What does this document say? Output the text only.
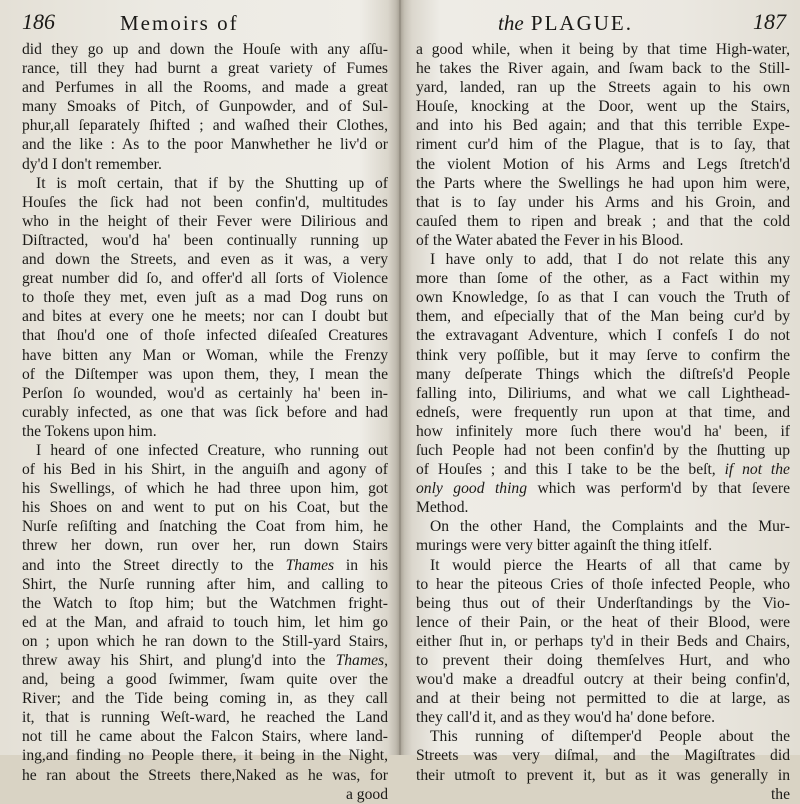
186	Memoirs of
did they go up and down the Houſe with any aſſu-
rance, till they had burnt a great variety of Fumes
and Perfumes in all the Rooms, and made a great
many Smoaks of Pitch, of Gunpowder, and of Sul-
phur,all ſeparately ſhifted ; and waſhed their Clothes,
and the like : As to the poor Manwhether he liv'd or
dy'd I don't remember.
It is moſt certain, that if by the Shutting up of
Houſes the ſick had not been confin'd, multitudes
who in the height of their Fever were Dilirious and
Diſtracted, wou'd ha' been continually running up
and down the Streets, and even as it was, a very
great number did ſo, and offer'd all ſorts of Violence
to thoſe they met, even juſt as a mad Dog runs on
and bites at every one he meets; nor can I doubt but
that ſhou'd one of thoſe infected diſeaſed Creatures
have bitten any Man or Woman, while the Frenzy
of the Diſtemper was upon them, they, I mean the
Perſon ſo wounded, wou'd as certainly ha' been in-
curably infected, as one that was ſick before and had
the Tokens upon him.
I heard of one infected Creature, who running out
of his Bed in his Shirt, in the anguiſh and agony of
his Swellings, of which he had three upon him, got
his Shoes on and went to put on his Coat, but the
Nurſe reſiſting and ſnatching the Coat from him, he
threw her down, run over her, run down Stairs
and into the Street directly to the Thames in his
Shirt, the Nurſe running after him, and calling to
the Watch to ſtop him; but the Watchmen fright-
ed at the Man, and afraid to touch him, let him go
on ; upon which he ran down to the Still-yard Stairs,
threw away his Shirt, and plung'd into the Thames,
and, being a good ſwimmer, ſwam quite over the
River; and the Tide being coming in, as they call
it, that is running Weſt-ward, he reached the Land
not till he came about the Falcon Stairs, where land-
ing,and finding no People there, it being in the Night,
he ran about the Streets there,Naked as he was, for
a good
the PLAGUE.	187
a good while, when it being by that time High-water,
he takes the River again, and ſwam back to the Still-
yard, landed, ran up the Streets again to his own
Houſe, knocking at the Door, went up the Stairs,
and into his Bed again; and that this terrible Expe-
riment cur'd him of the Plague, that is to ſay, that
the violent Motion of his Arms and Legs ſtretch'd
the Parts where the Swellings he had upon him were,
that is to ſay under his Arms and his Groin, and
cauſed them to ripen and break ; and that the cold
of the Water abated the Fever in his Blood.
I have only to add, that I do not relate this any
more than ſome of the other, as a Fact within my
own Knowledge, ſo as that I can vouch the Truth of
them, and eſpecially that of the Man being cur'd by
the extravagant Adventure, which I confeſs I do not
think very poſſible, but it may ſerve to confirm the
many deſperate Things which the diſtreſs'd People
falling into, Diliriums, and what we call Lighthead-
edneſs, were frequently run upon at that time, and
how infinitely more ſuch there wou'd ha' been, if
ſuch People had not been confin'd by the ſhutting up
of Houſes ; and this I take to be the beſt, if not the
only good thing which was perform'd by that ſevere
Method.
On the other Hand, the Complaints and the Mur-
murings were very bitter againſt the thing itſelf.
It would pierce the Hearts of all that came by
to hear the piteous Cries of thoſe infected People, who
being thus out of their Underſtandings by the Vio-
lence of their Pain, or the heat of their Blood, were
either ſhut in, or perhaps ty'd in their Beds and Chairs,
to prevent their doing themſelves Hurt, and who
wou'd make a dreadful outcry at their being confin'd,
and at their being not permitted to die at large, as
they call'd it, and as they wou'd ha' done before.
This running of diſtemper'd People about the
Streets was very diſmal, and the Magiſtrates did
their utmoſt to prevent it, but as it was generally in
the
